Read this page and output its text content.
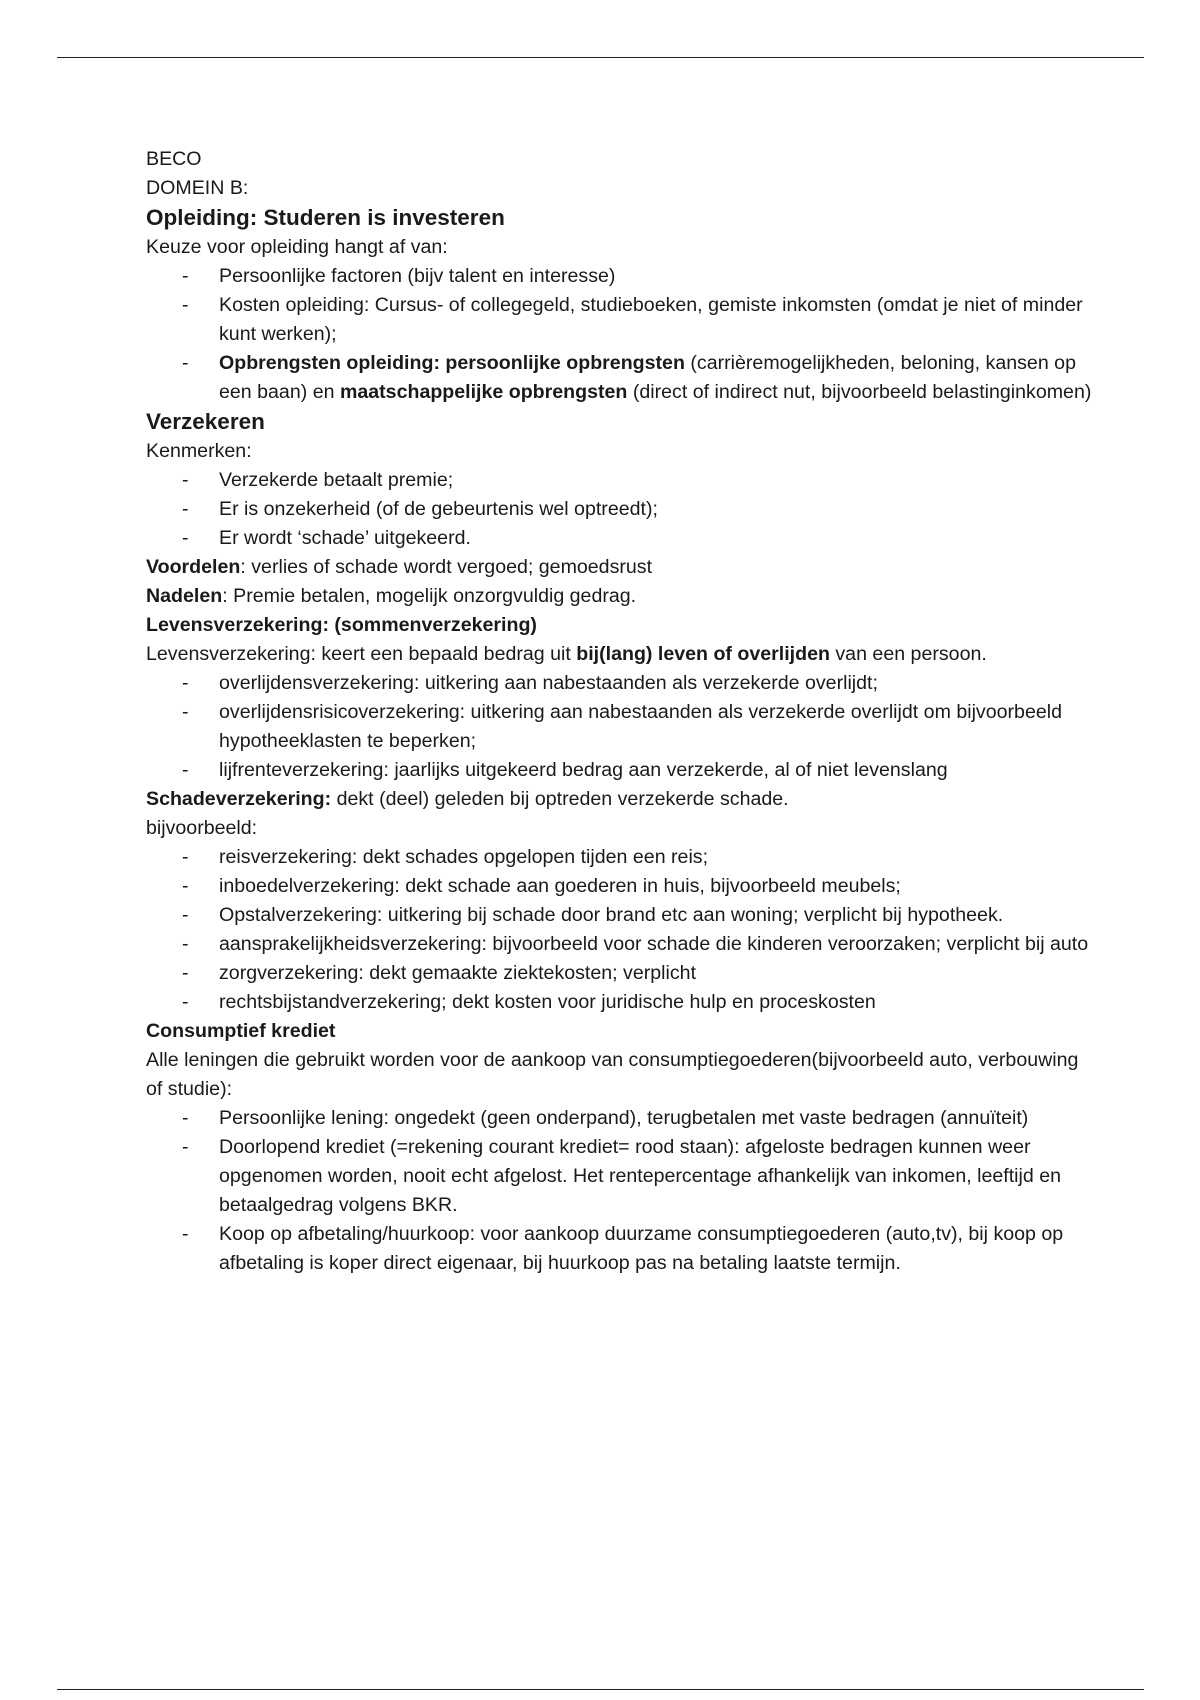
BECO

DOMEIN B:

Opleiding: Studeren is investeren

Keuze voor opleiding hangt af van:

- Persoonlijke factoren (bijv talent en interesse)
- Kosten opleiding: Cursus- of collegegeld, studieboeken, gemiste inkomsten (omdat je niet of minder kunt werken);
- Opbrengsten opleiding: persoonlijke opbrengsten (carrièremogelijkheden, beloning, kansen op een baan) en maatschappelijke opbrengsten (direct of indirect nut, bijvoorbeeld belastinginkomen)

Verzekeren

Kenmerken:

- Verzekerde betaalt premie;
- Er is onzekerheid (of de gebeurtenis wel optreedt);
- Er wordt ‘schade’ uitgekeerd.

Voordelen: verlies of schade wordt vergoed; gemoedsrust

Nadelen: Premie betalen, mogelijk onzorgvuldig gedrag.

Levensverzekering: (sommenverzekering)

Levensverzekering: keert een bepaald bedrag uit bij(lang) leven of overlijden van een persoon.

- overlijdensverzekering: uitkering aan nabestaanden als verzekerde overlijdt;
- overlijdensrisicoverzekering: uitkering aan nabestaanden als verzekerde overlijdt om bijvoorbeeld hypotheeklasten te beperken;
- lijfrenteverzekering: jaarlijks uitgekeerd bedrag aan verzekerde, al of niet levenslang

Schadeverzekering: dekt (deel) geleden bij optreden verzekerde schade.

bijvoorbeeld:

- reisverzekering: dekt schades opgelopen tijden een reis;
- inboedelverzekering: dekt schade aan goederen in huis, bijvoorbeeld meubels;
- Opstalverzekering: uitkering bij schade door brand etc aan woning; verplicht bij hypotheek.
- aansprakelijkheidsverzekering: bijvoorbeeld voor schade die kinderen veroorzaken; verplicht bij auto
- zorgverzekering: dekt gemaakte ziektekosten; verplicht
- rechtsbijstandverzekering; dekt kosten voor juridische hulp en proceskosten

Consumptief krediet

Alle leningen die gebruikt worden voor de aankoop van consumptiegoederen(bijvoorbeeld auto, verbouwing of studie):

- Persoonlijke lening: ongedekt (geen onderpand), terugbetalen met vaste bedragen (annuïteit)
- Doorlopend krediet (=rekening courant krediet= rood staan): afgeloste bedragen kunnen weer opgenomen worden, nooit echt afgelost. Het rentepercentage afhankelijk van inkomen, leeftijd en betaalgedrag volgens BKR.
- Koop op afbetaling/huurkoop: voor aankoop duurzame consumptiegoederen (auto,tv), bij koop op afbetaling is koper direct eigenaar, bij huurkoop pas na betaling laatste termijn.
